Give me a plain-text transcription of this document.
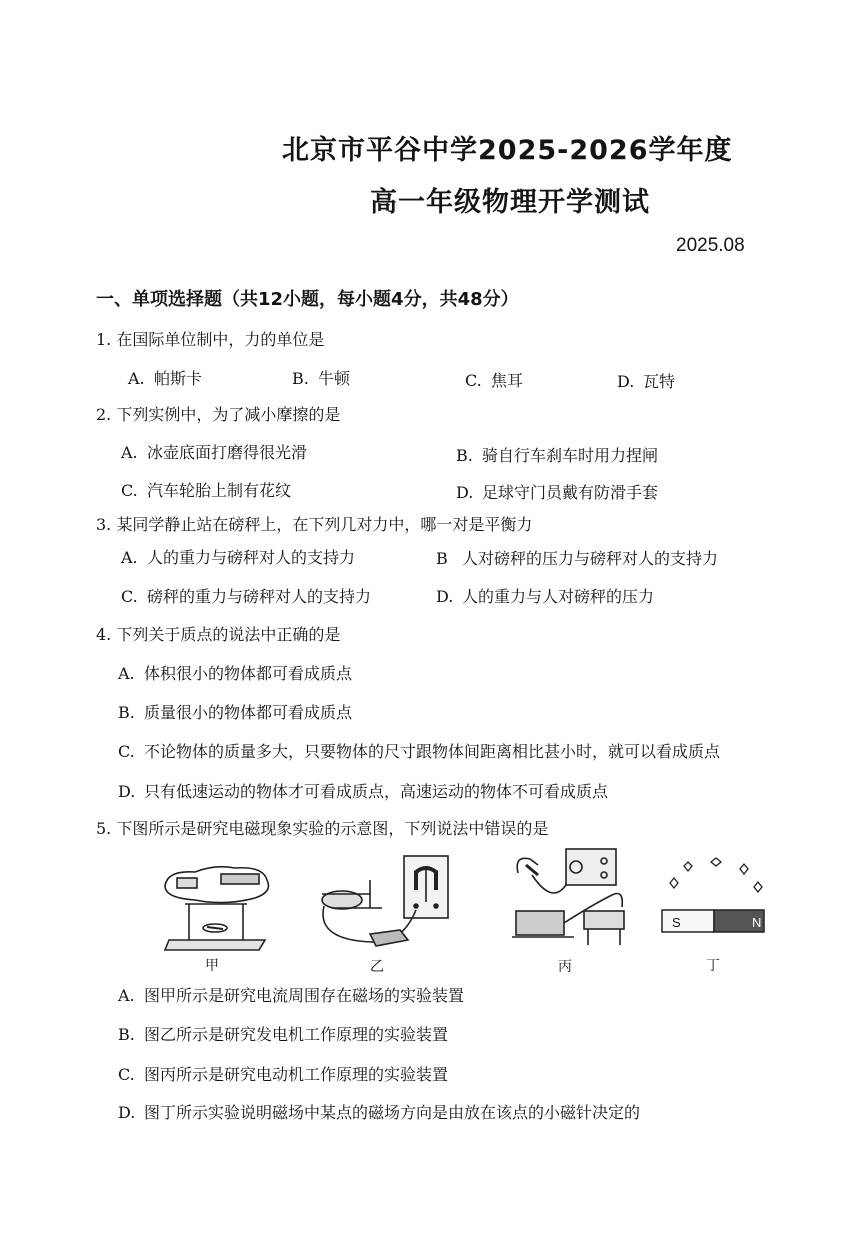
北京市平谷中学2025-2026学年度
高一年级物理开学测试
2025.08
一、单项选择题（共12小题，每小题4分，共48分）
1. 在国际单位制中，力的单位是
A. 帕斯卡	B. 牛顿	C. 焦耳	D. 瓦特
2. 下列实例中，为了减小摩擦的是
A. 冰壶底面打磨得很光滑	B. 骑自行车刹车时用力捏闸
C. 汽车轮胎上制有花纹	D. 足球守门员戴有防滑手套
3. 某同学静止站在磅秤上，在下列几对力中，哪一对是平衡力
A. 人的重力与磅秤对人的支持力	B 人对磅秤的压力与磅秤对人的支持力
C. 磅秤的重力与磅秤对人的支持力	D. 人的重力与人对磅秤的压力
4. 下列关于质点的说法中正确的是
A. 体积很小的物体都可看成质点
B. 质量很小的物体都可看成质点
C. 不论物体的质量多大，只要物体的尺寸跟物体间距离相比甚小时，就可以看成质点
D. 只有低速运动的物体才可看成质点，高速运动的物体不可看成质点
5. 下图所示是研究电磁现象实验的示意图，下列说法中错误的是
S	N
甲	乙	丙	丁
A. 图甲所示是研究电流周围存在磁场的实验装置
B. 图乙所示是研究发电机工作原理的实验装置
C. 图丙所示是研究电动机工作原理的实验装置
D. 图丁所示实验说明磁场中某点的磁场方向是由放在该点的小磁针决定的
